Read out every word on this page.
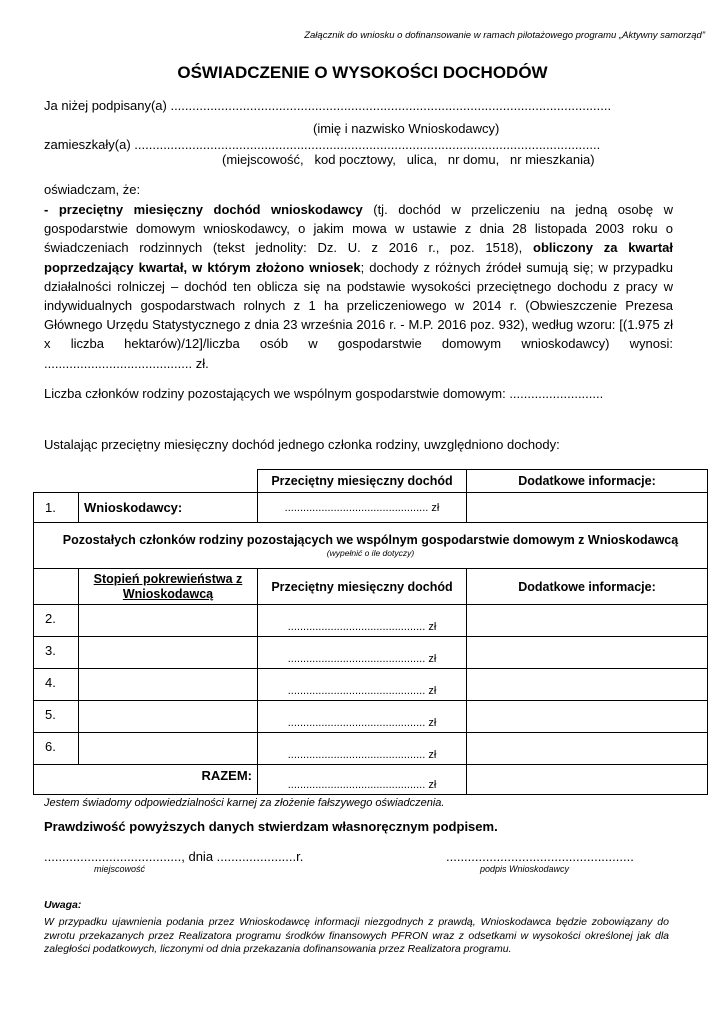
Załącznik do wniosku o dofinansowanie w ramach pilotażowego programu „Aktywny samorząd”
OŚWIADCZENIE O WYSOKOŚCI DOCHODÓW
Ja niżej podpisany(a) ..........................................................................................................................
(imię i nazwisko Wnioskodawcy)
zamieszkały(a) .................................................................................................................................
(miejscowość,   kod pocztowy,   ulica,   nr domu,   nr mieszkania)
oświadczam, że:
- przeciętny miesięczny dochód wnioskodawcy (tj. dochód w przeliczeniu na jedną osobę w gospodarstwie domowym wnioskodawcy, o jakim mowa w ustawie z dnia 28 listopada 2003 roku o świadczeniach rodzinnych (tekst jednolity: Dz. U. z 2016 r., poz. 1518), obliczony za kwartał poprzedzający kwartał, w którym złożono wniosek; dochody z różnych źródeł sumują się; w przypadku działalności rolniczej – dochód ten oblicza się na podstawie wysokości przeciętnego dochodu z pracy w indywidualnych gospodarstwach rolnych z 1 ha przeliczeniowego w 2014 r. (Obwieszczenie Prezesa Głównego Urzędu Statystycznego z dnia 23 września 2016 r. - M.P. 2016 poz. 932), według wzoru: [(1.975 zł x liczba hektarów)/12]/liczba osób w gospodarstwie domowym wnioskodawcy) wynosi: ......................................... zł.
Liczba członków rodziny pozostających we wspólnym gospodarstwie domowym: ..........................
Ustalając przeciętny miesięczny dochód jednego członka rodziny, uwzględniono dochody:
		Przeciętny miesięczny dochód	Dodatkowe informacje:
1.	Wnioskodawcy:	............................................... zł	

Pozostałych członków rodziny pozostających we wspólnym gospodarstwie domowym z Wnioskodawcą
(wypełnić o ile dotyczy)			

	Stopień pokrewieństwa z Wnioskodawcą	Przeciętny miesięczny dochód	Dodatkowe informacje:
2.		............................................. zł	
3.		............................................. zł	
4.		............................................. zł	
5.		............................................. zł	
6.		............................................. zł	
RAZEM:		............................................. zł	
Jestem świadomy odpowiedzialności karnej za złożenie fałszywego oświadczenia.
Prawdziwość powyższych danych stwierdzam własnoręcznym podpisem.
......................................, dnia ......................r.
miejscowość
....................................................
podpis Wnioskodawcy
Uwaga:
W przypadku ujawnienia podania przez Wnioskodawcę informacji niezgodnych z prawdą, Wnioskodawca będzie zobowiązany do zwrotu przekazanych przez Realizatora programu środków finansowych PFRON wraz z odsetkami w wysokości określonej jak dla zaległości podatkowych, liczonymi od dnia przekazania dofinansowania przez Realizatora programu.
